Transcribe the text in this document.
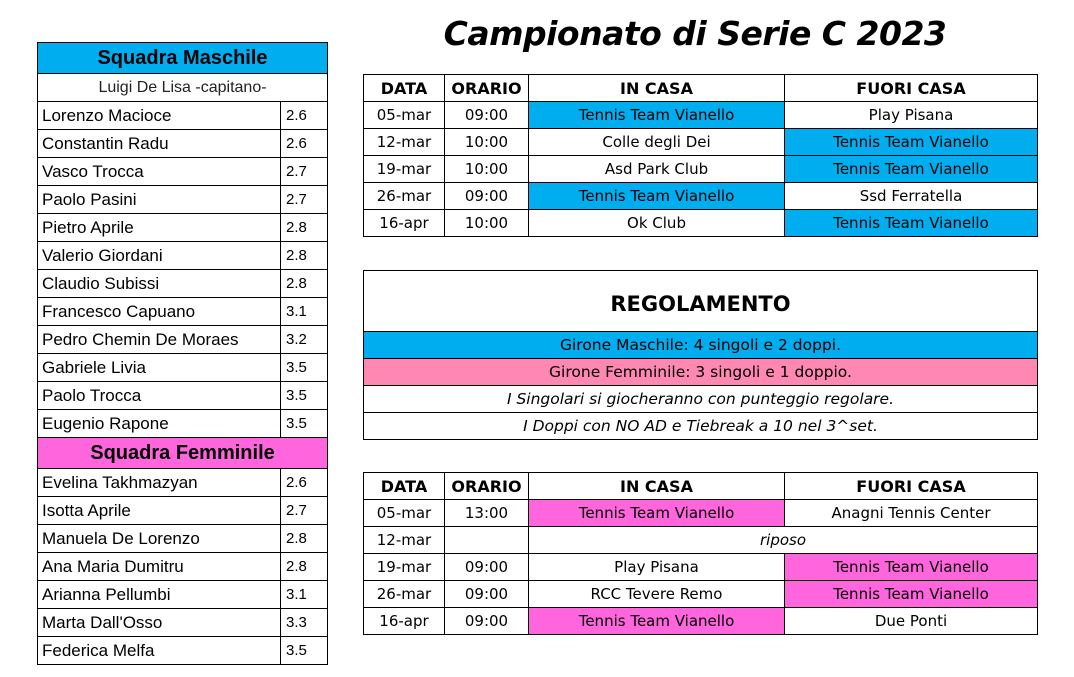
Campionato di Serie C 2023
Squadra Maschile	
Luigi De Lisa -capitano-	
Lorenzo Macioce	2.6
Constantin Radu	2.6
Vasco Trocca	2.7
Paolo Pasini	2.7
Pietro Aprile	2.8
Valerio Giordani	2.8
Claudio Subissi	2.8
Francesco Capuano	3.1
Pedro Chemin De Moraes	3.2
Gabriele Livia	3.5
Paolo Trocca	3.5
Eugenio Rapone	3.5
Squadra Femminile	
Evelina Takhmazyan	2.6
Isotta Aprile	2.7
Manuela De Lorenzo	2.8
Ana Maria Dumitru	2.8
Arianna Pellumbi	3.1
Marta Dall'Osso	3.3
Federica Melfa	3.5
DATA	ORARIO	IN CASA	FUORI CASA
05-mar	09:00	Tennis Team Vianello	Play Pisana
12-mar	10:00	Colle degli Dei	Tennis Team Vianello
19-mar	10:00	Asd Park Club	Tennis Team Vianello
26-mar	09:00	Tennis Team Vianello	Ssd Ferratella
16-apr	10:00	Ok Club	Tennis Team Vianello
REGOLAMENTO
Girone Maschile: 4 singoli e 2 doppi.
Girone Femminile: 3 singoli e 1 doppio.
I Singolari si giocheranno con punteggio regolare.
I Doppi con NO AD e Tiebreak a 10 nel 3^set.
DATA	ORARIO	IN CASA	FUORI CASA
05-mar	13:00	Tennis Team Vianello	Anagni Tennis Center
12-mar		riposo	
19-mar	09:00	Play Pisana	Tennis Team Vianello
26-mar	09:00	RCC Tevere Remo	Tennis Team Vianello
16-apr	09:00	Tennis Team Vianello	Due Ponti
